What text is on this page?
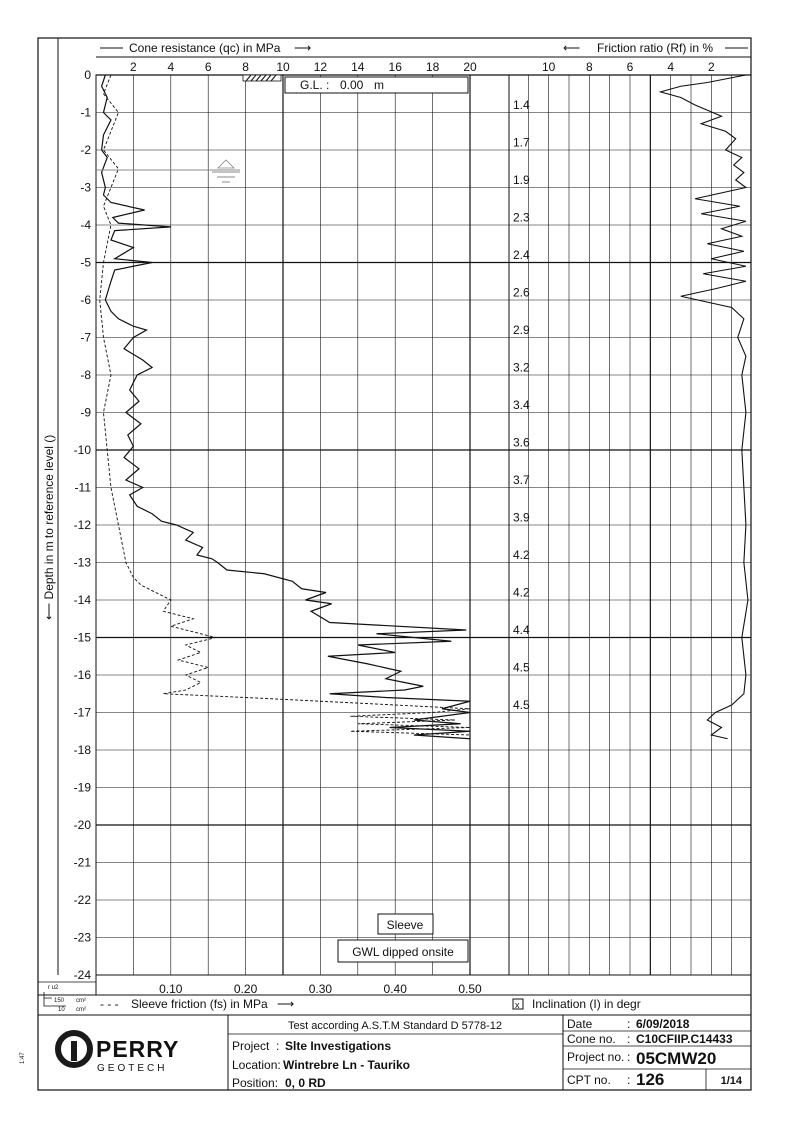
Cone resistance (qc) in MPa ⟶	⟵ Friction ratio (Rf) in %
0
-1
-2
-3
-4
-5
-6
-7
-8
-9
-10
-11
-12
-13
-14
-15
-16
-17
-18
-19
-20
-21
-22
-23
-24
2	4	6	8 10 12 14 16 18 20	10	8	6	4	2
1.4
1.7
1.9
2.3
2.4
2.6
2.9
3.2
3.4
3.6
3.7
3.9
4.2
4.2
4.4
4.5
4.5
⟵ Depth in m to reference level ()
G.L. : 0.00 m
Sleeve
GWL dipped onsite
0.10	0.20	0.30	0.40	0.50
- - - Sleeve friction (fs) in MPa ⟶	x Inclination (I) in degr
r u2
150 cm²
10 cm²
PERRY
GEOTECH
Test according A.S.T.M Standard D 5778-12
Project : Slte Investigations
Location: Wintrebre Ln - Tauriko
Position: 0, 0 RD
Date	: 6/09/2018
Cone no. : C10CFIIP.C14433
Project no. : 05CMW20
CPT no. : 126	1/14
1:47
